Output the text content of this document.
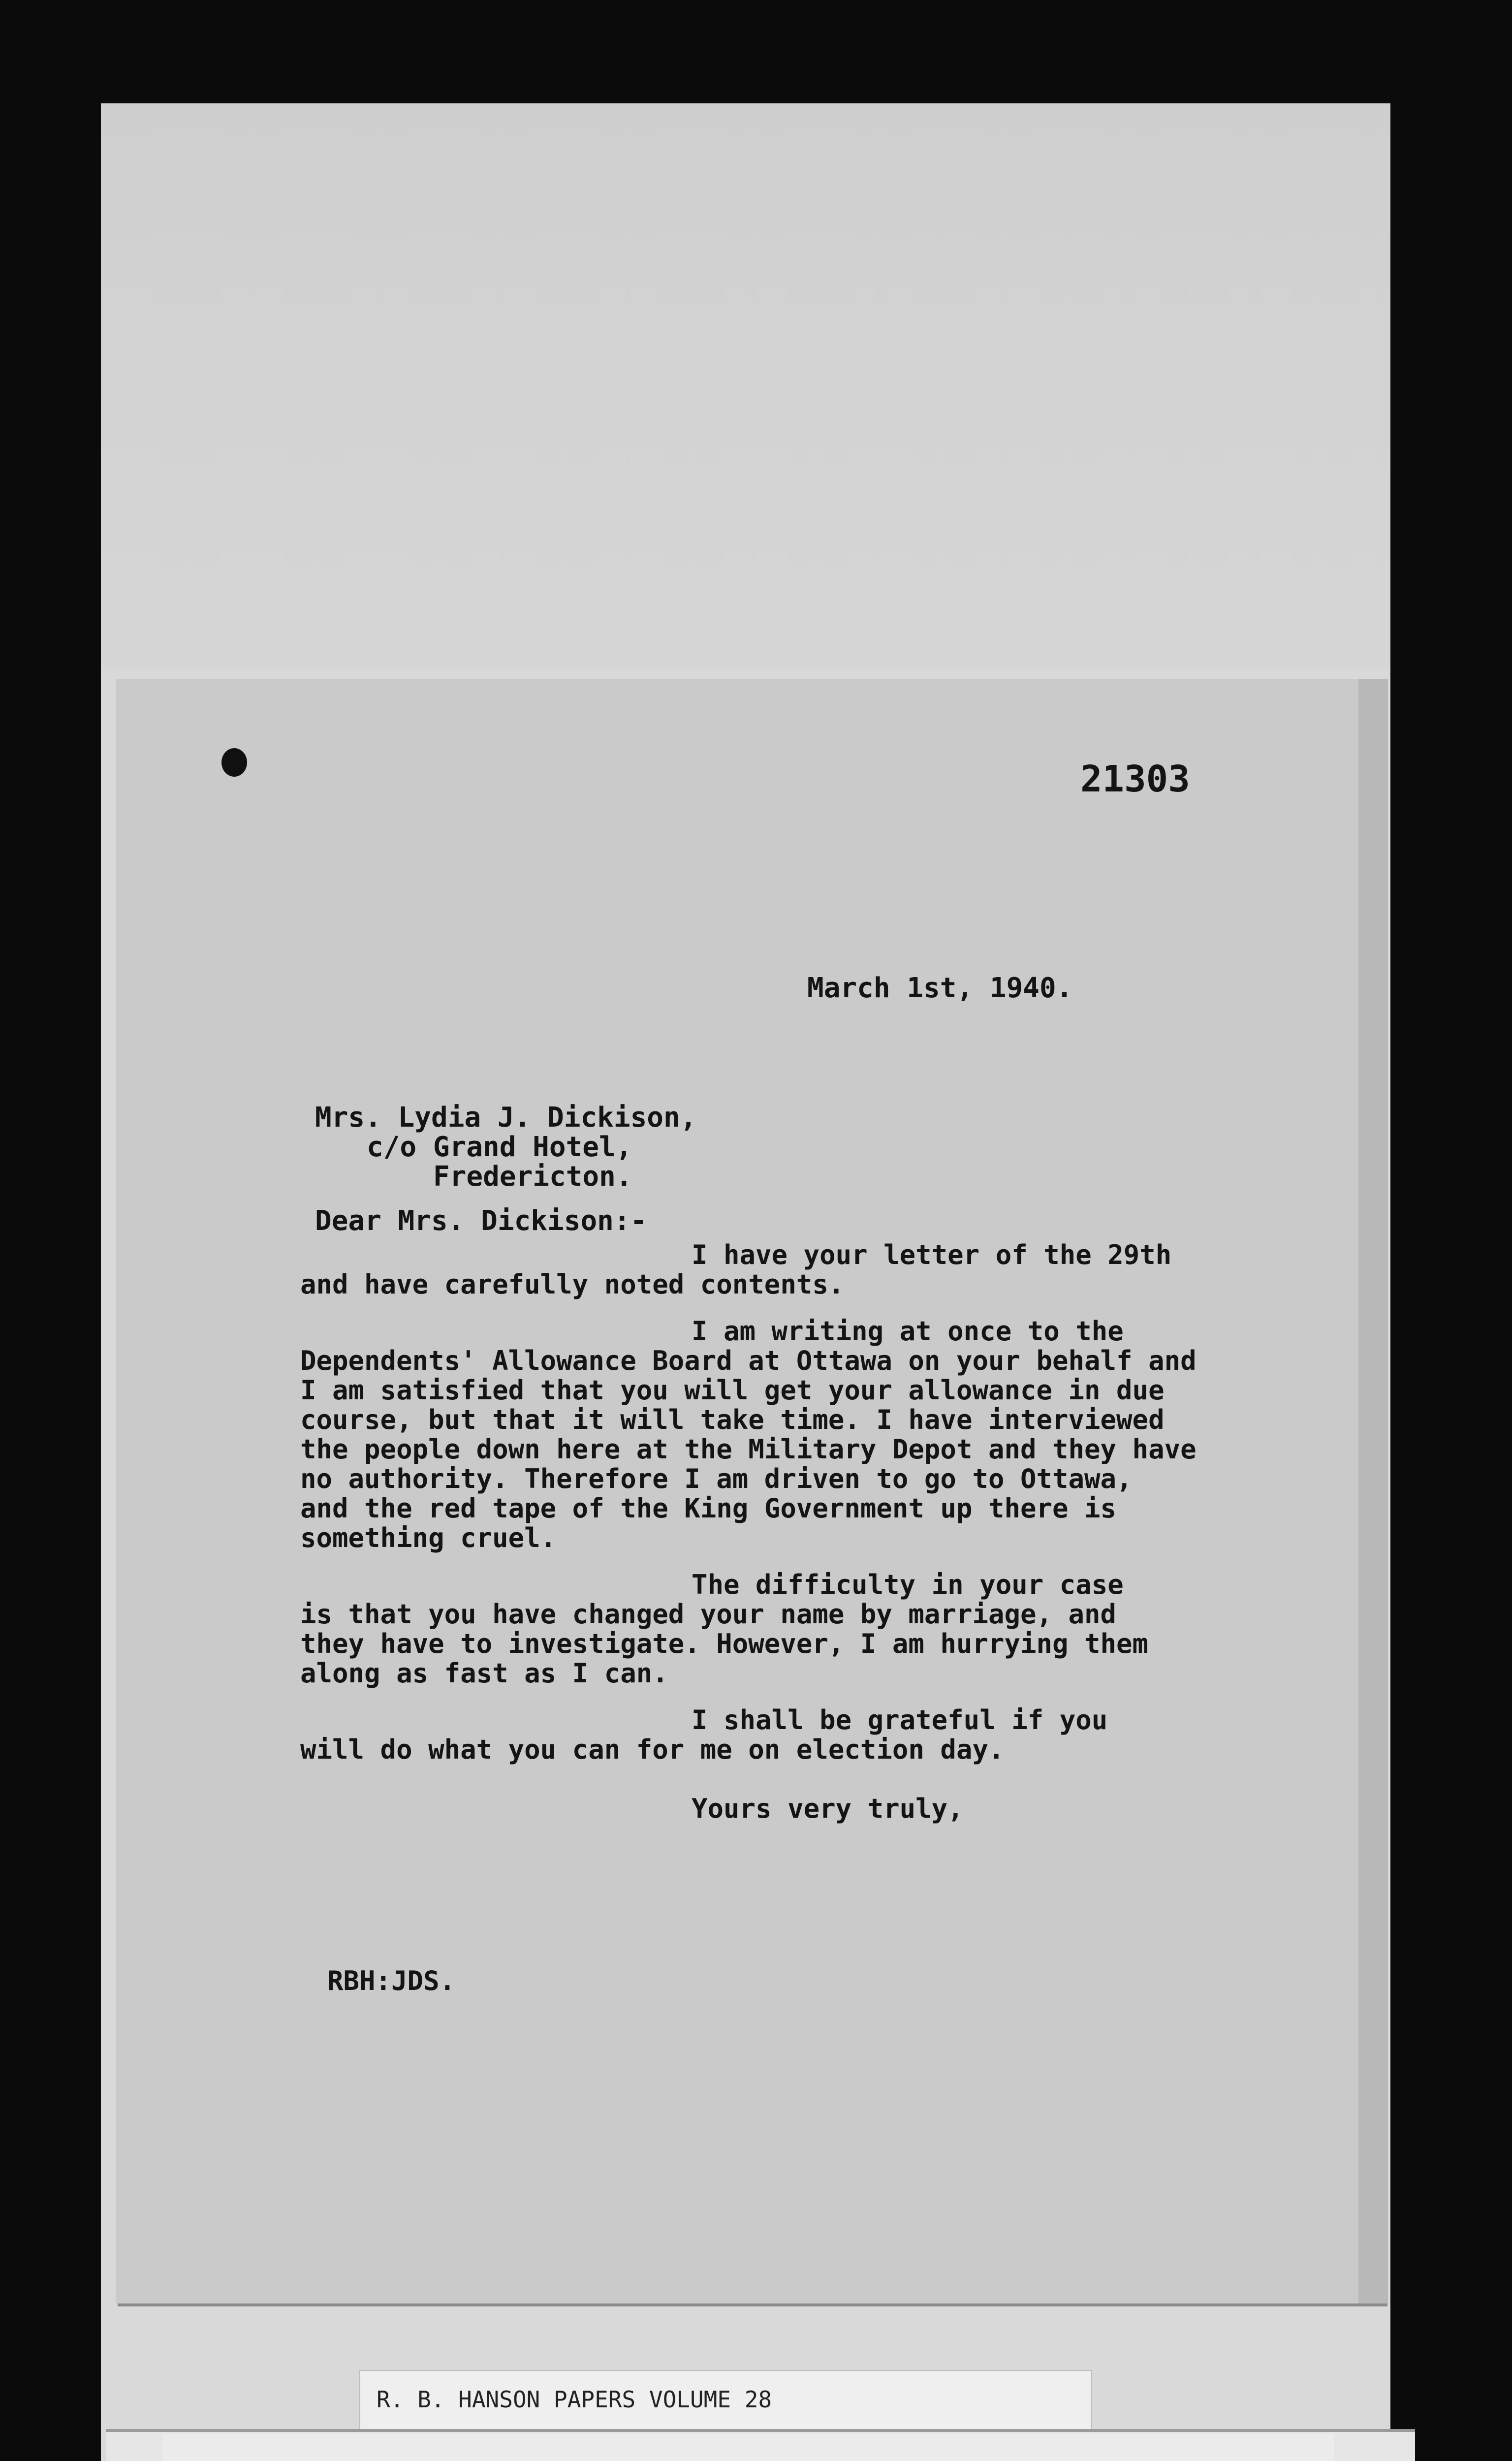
21303
March 1st, 1940.
Mrs. Lydia J. Dickison,
c/o Grand Hotel,
Fredericton.
Dear Mrs. Dickison:-
I have your letter of the 29th
and have carefully noted contents.
I am writing at once to the
Dependents' Allowance Board at Ottawa on your behalf and
I am satisfied that you will get your allowance in due
course, but that it will take time. I have interviewed
the people down here at the Military Depot and they have
no authority. Therefore I am driven to go to Ottawa,
and the red tape of the King Government up there is
something cruel.
The difficulty in your case
is that you have changed your name by marriage, and
they have to investigate. However, I am hurrying them
along as fast as I can.
I shall be grateful if you
will do what you can for me on election day.
Yours very truly,
RBH:JDS.
R. B. HANSON PAPERS VOLUME 28
